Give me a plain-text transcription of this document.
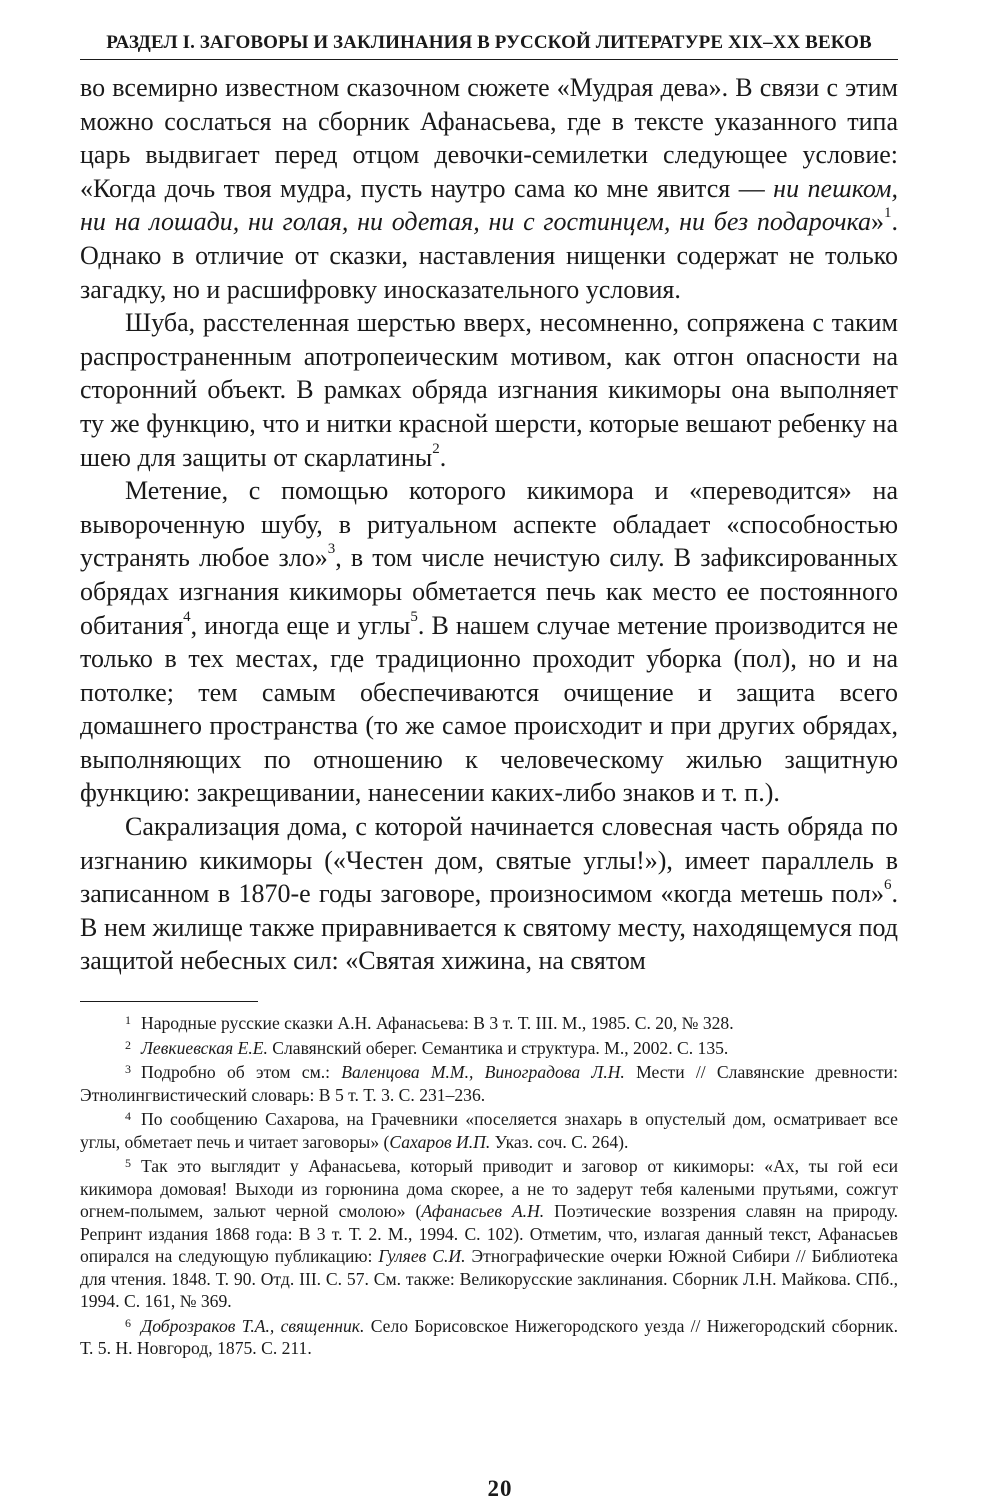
РАЗДЕЛ I. ЗАГОВОРЫ И ЗАКЛИНАНИЯ В РУССКОЙ ЛИТЕРАТУРЕ XIX–XX ВЕКОВ

во всемирно известном сказочном сюжете «Мудрая дева». В связи с этим можно сослаться на сборник Афанасьева, где в тексте указанного типа царь выдвигает перед отцом девочки-семилетки следующее условие: «Когда дочь твоя мудра, пусть наутро сама ко мне явится — ни пешком, ни на лошади, ни голая, ни одетая, ни с гостинцем, ни без подарочка»$^1$. Однако в отличие от сказки, наставления нищенки содержат не только загадку, но и расшифровку иносказательного условия.

Шуба, расстеленная шерстью вверх, несомненно, сопряжена с таким распространенным апотропеическим мотивом, как отгон опасности на сторонний объект. В рамках обряда изгнания кикиморы она выполняет ту же функцию, что и нитки красной шерсти, которые вешают ребенку на шею для защиты от скарлатины$^2$.

Метение, с помощью которого кикимора и «переводится» на вывороченную шубу, в ритуальном аспекте обладает «способностью устранять любое зло»$^3$, в том числе нечистую силу. В зафиксированных обрядах изгнания кикиморы обметается печь как место ее постоянного обитания$^4$, иногда еще и углы$^5$. В нашем случае метение производится не только в тех местах, где традиционно проходит уборка (пол), но и на потолке; тем самым обеспечиваются очищение и защита всего домашнего пространства (то же самое происходит и при других обрядах, выполняющих по отношению к человеческому жилью защитную функцию: закрещивании, нанесении каких-либо знаков и т. п.).

Сакрализация дома, с которой начинается словесная часть обряда по изгнанию кикиморы («Честен дом, святые углы!»), имеет параллель в записанном в 1870-е годы заговоре, произносимом «когда метешь пол»$^6$. В нем жилище также приравнивается к святому месту, находящемуся под защитой небесных сил: «Святая хижина, на святом

$^1$ Народные русские сказки А.Н. Афанасьева: В 3 т. Т. III. М., 1985. С. 20, № 328.

$^2$ Левкиевская Е.Е. Славянский оберег. Семантика и структура. М., 2002. С. 135.

$^3$ Подробно об этом см.: Валенцова М.М., Виноградова Л.Н. Мести // Славянские древности: Этнолингвистический словарь: В 5 т. Т. 3. С. 231–236.

$^4$ По сообщению Сахарова, на Грачевники «поселяется знахарь в опустелый дом, осматривает все углы, обметает печь и читает заговоры» (Сахаров И.П. Указ. соч. С. 264).

$^5$ Так это выглядит у Афанасьева, который приводит и заговор от кикиморы: «Ах, ты гой еси кикимора домовая! Выходи из горюнина дома скорее, а не то задерут тебя калеными прутьями, сожгут огнем-полымем, зальют черной смолою» (Афанасьев А.Н. Поэтические воззрения славян на природу. Репринт издания 1868 года: В 3 т. Т. 2. М., 1994. С. 102). Отметим, что, излагая данный текст, Афанасьев опирался на следующую публикацию: Гуляев С.И. Этнографические очерки Южной Сибири // Библиотека для чтения. 1848. Т. 90. Отд. III. С. 57. См. также: Великорусские заклинания. Сборник Л.Н. Майкова. СПб., 1994. С. 161, № 369.

$^6$ Доброзраков Т.А., священник. Село Борисовское Нижегородского уезда // Нижегородский сборник. Т. 5. Н. Новгород, 1875. С. 211.

20
